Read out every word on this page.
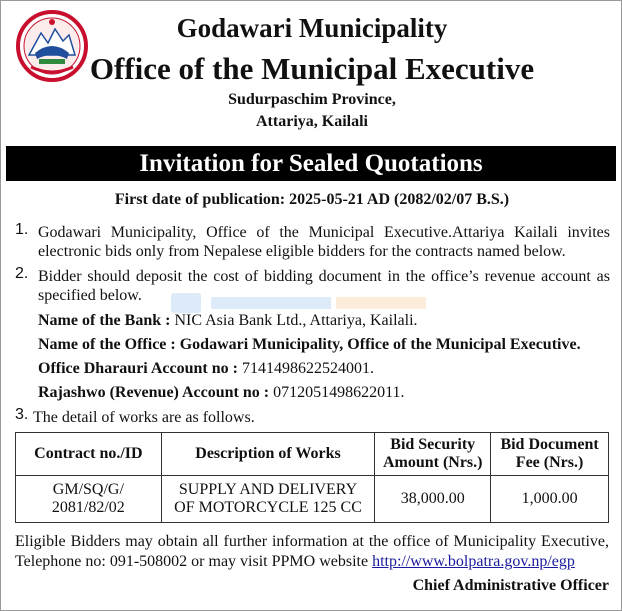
Godawari Municipality
Office of the Municipal Executive
Sudurpaschim Province,
Attariya, Kailali
Invitation for Sealed Quotations
First date of publication: 2025-05-21 AD (2082/02/07 B.S.)
1. Godawari Municipality, Office of the Municipal Executive.Attariya Kailali invites
electronic bids only from Nepalese eligible bidders for the contracts named below.
2. Bidder should deposit the cost of bidding document in the office’s revenue account as
specified below.
Name of the Bank : NIC Asia Bank Ltd., Attariya, Kailali.
Name of the Office : Godawari Municipality, Office of the Municipal Executive.
Office Dharauri Account no : 7141498622524001.
Rajashwo (Revenue) Account no : 0712051498622011.
3. The detail of works are as follows.
Contract no./ID	Description of Works	Bid Security Amount (Nrs.)	Bid Document Fee (Nrs.)
GM/SQ/G/
2081/82/02	SUPPLY AND DELIVERY
OF MOTORCYCLE 125 CC	38,000.00	1,000.00
Eligible Bidders may obtain all further information at the office of Municipality Executive,
Telephone no: 091-508002 or may visit PPMO website http://www.bolpatra.gov.np/egp
Chief Administrative Officer
